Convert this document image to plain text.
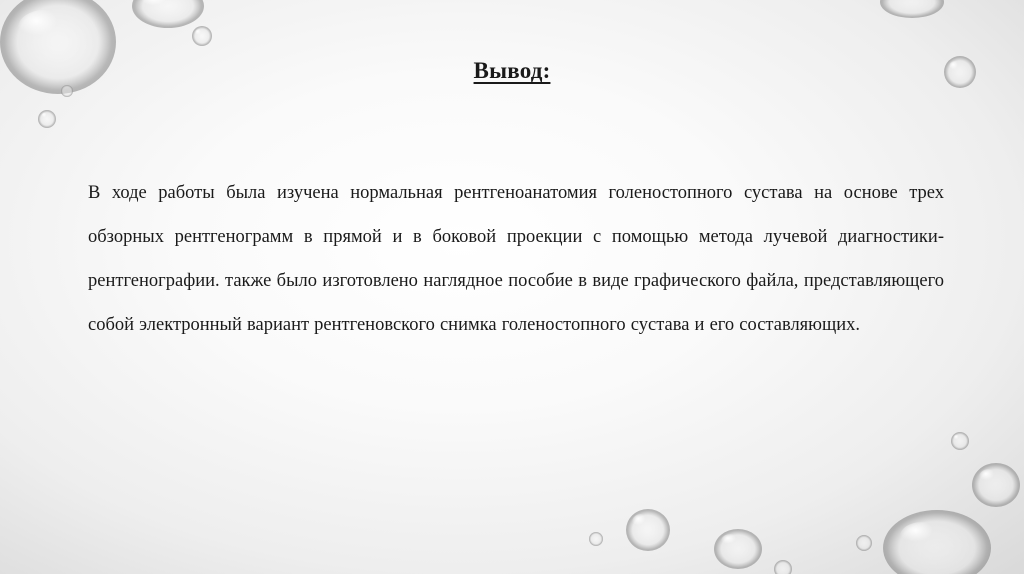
Вывод:

В ходе работы была изучена нормальная рентгеноанатомия голеностопного сустава на основе трех обзорных рентгенограмм в прямой и в боковой проекции с помощью метода лучевой диагностики-рентгенографии. также было изготовлено наглядное пособие в виде графического файла, представляющего собой электронный вариант рентгеновского снимка голеностопного сустава и его составляющих.
